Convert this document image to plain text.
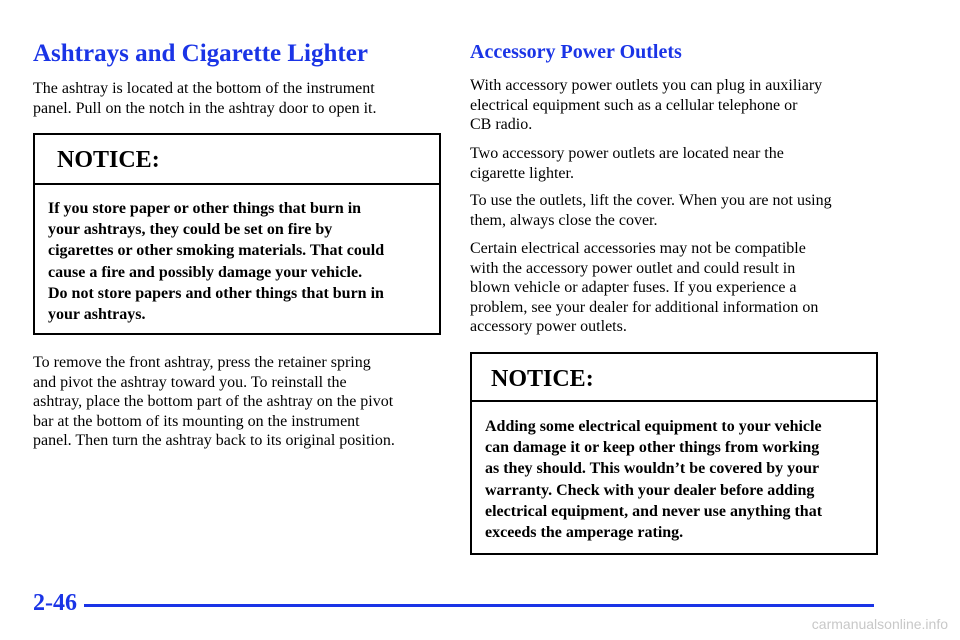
Ashtrays and Cigarette Lighter

The ashtray is located at the bottom of the instrument
panel. Pull on the notch in the ashtray door to open it.

NOTICE:

If you store paper or other things that burn in
your ashtrays, they could be set on fire by
cigarettes or other smoking materials. That could
cause a fire and possibly damage your vehicle.
Do not store papers and other things that burn in
your ashtrays.

To remove the front ashtray, press the retainer spring
and pivot the ashtray toward you. To reinstall the
ashtray, place the bottom part of the ashtray on the pivot
bar at the bottom of its mounting on the instrument
panel. Then turn the ashtray back to its original position.

Accessory Power Outlets

With accessory power outlets you can plug in auxiliary
electrical equipment such as a cellular telephone or
CB radio.

Two accessory power outlets are located near the
cigarette lighter.

To use the outlets, lift the cover. When you are not using
them, always close the cover.

Certain electrical accessories may not be compatible
with the accessory power outlet and could result in
blown vehicle or adapter fuses. If you experience a
problem, see your dealer for additional information on
accessory power outlets.

NOTICE:

Adding some electrical equipment to your vehicle
can damage it or keep other things from working
as they should. This wouldn’t be covered by your
warranty. Check with your dealer before adding
electrical equipment, and never use anything that
exceeds the amperage rating.

2-46
carmanualsonline.info
